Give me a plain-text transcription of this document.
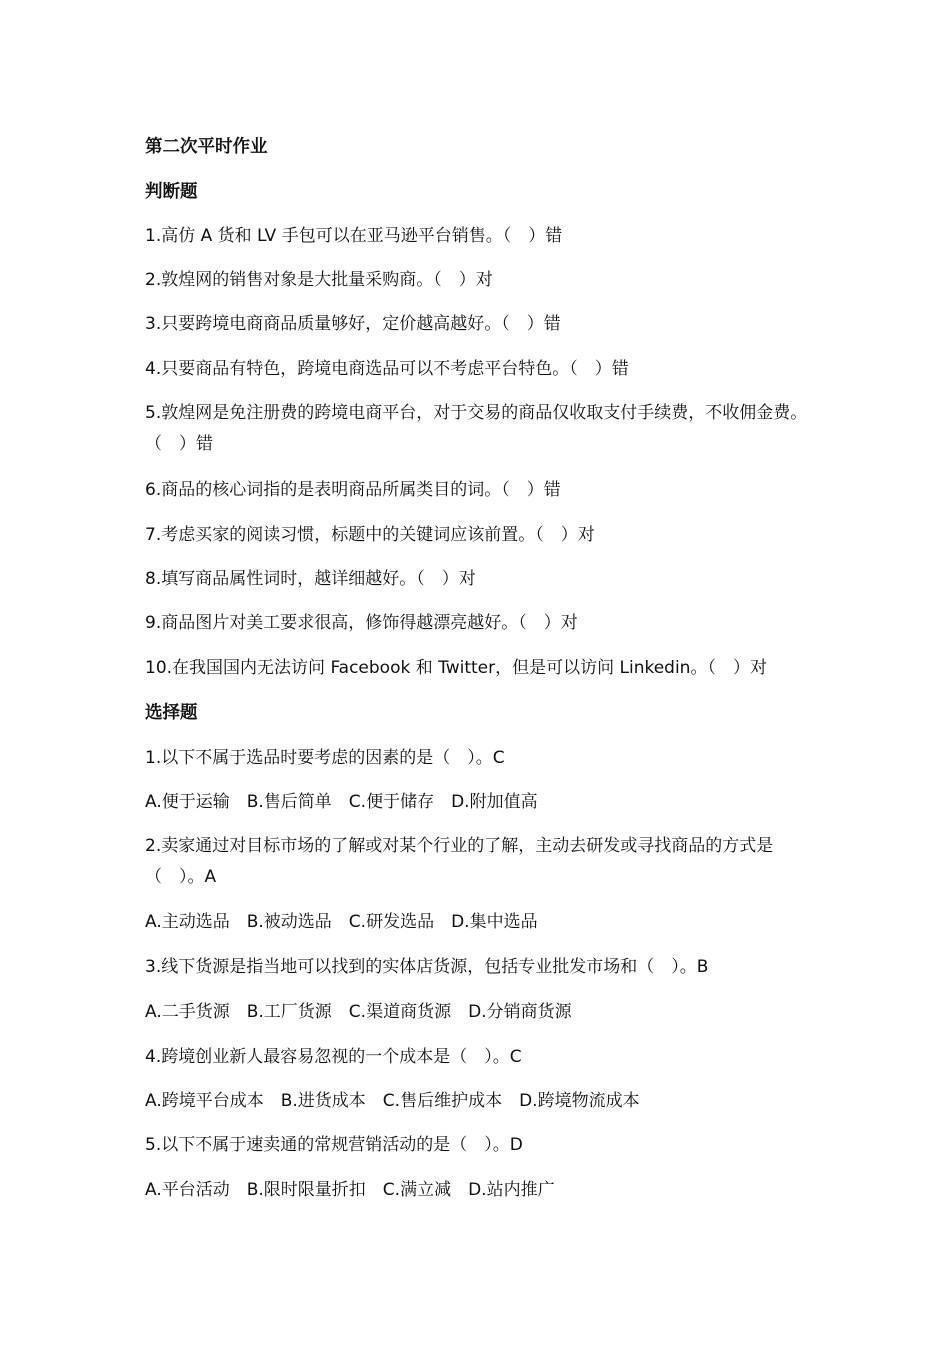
第二次平时作业
判断题
1.高仿 A 货和 LV 手包可以在亚马逊平台销售。（　）错
2.敦煌网的销售对象是大批量采购商。（　）对
3.只要跨境电商商品质量够好，定价越高越好。（　）错
4.只要商品有特色，跨境电商选品可以不考虑平台特色。（　）错
5.敦煌网是免注册费的跨境电商平台，对于交易的商品仅收取支付手续费，不收佣金费。（　）错
6.商品的核心词指的是表明商品所属类目的词。（　）错
7.考虑买家的阅读习惯，标题中的关键词应该前置。（　）对
8.填写商品属性词时，越详细越好。（　）对
9.商品图片对美工要求很高，修饰得越漂亮越好。（　）对
10.在我国国内无法访问 Facebook 和 Twitter，但是可以访问 Linkedin。（　）对
选择题
1.以下不属于选品时要考虑的因素的是（　）。C
A.便于运输　B.售后简单　C.便于储存　D.附加值高
2.卖家通过对目标市场的了解或对某个行业的了解，主动去研发或寻找商品的方式是（　）。A
A.主动选品　B.被动选品　C.研发选品　D.集中选品
3.线下货源是指当地可以找到的实体店货源，包括专业批发市场和（　）。B
A.二手货源　B.工厂货源　C.渠道商货源　D.分销商货源
4.跨境创业新人最容易忽视的一个成本是（　）。C
A.跨境平台成本　B.进货成本　C.售后维护成本　D.跨境物流成本
5.以下不属于速卖通的常规营销活动的是（　）。D
A.平台活动　B.限时限量折扣　C.满立减　D.站内推广
